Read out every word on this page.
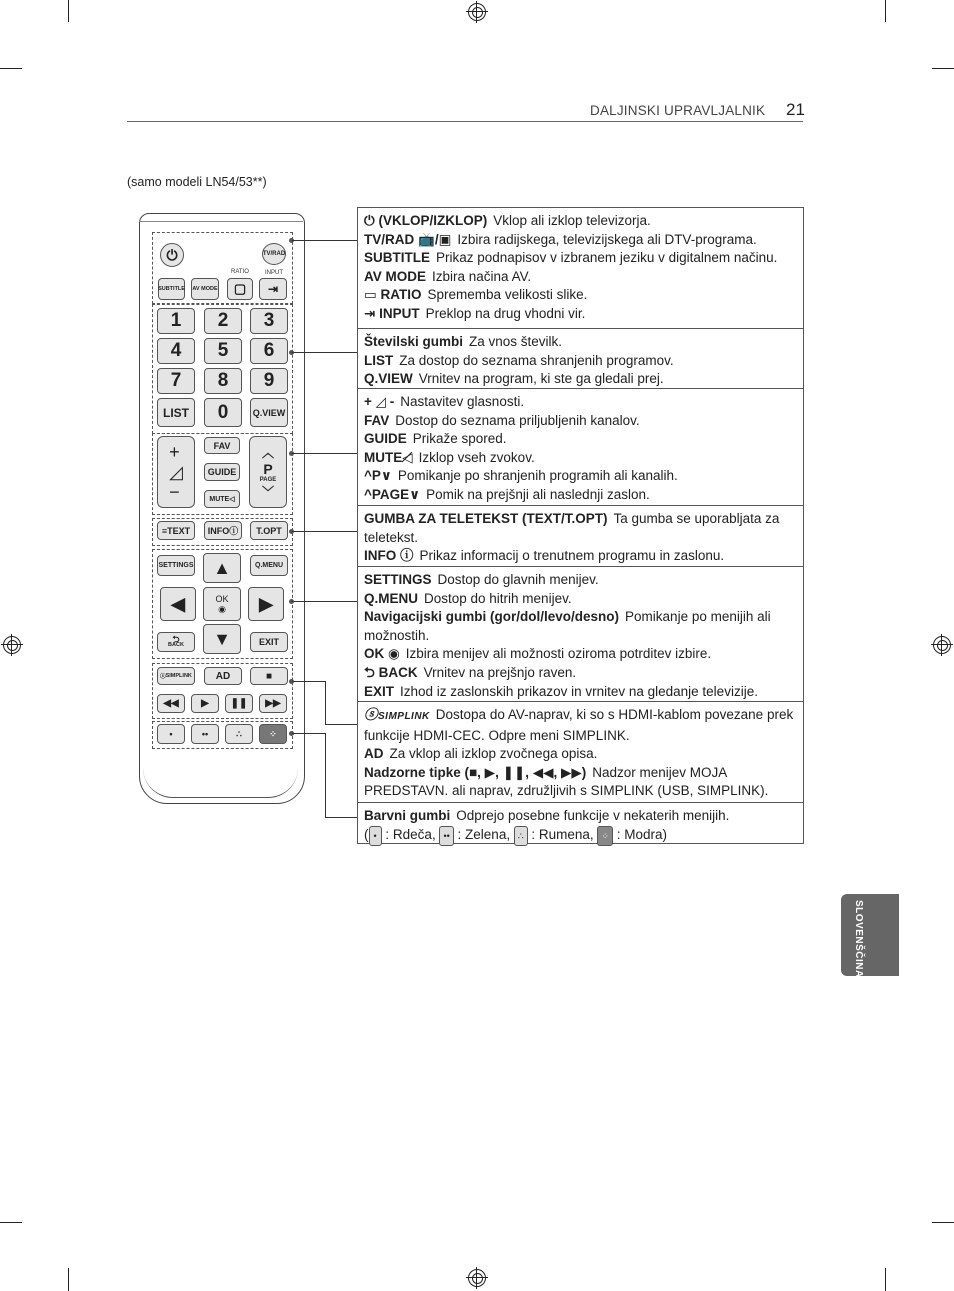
DALJINSKI UPRAVLJALNIK 21
(samo modeli LN54/53**)
⏻	TV/RAD
SUBTITLE AV MODE
RATIO
▢
INPUT
⇥
1 2 3
4 5 6
7 8 9
LIST 0	Q.VIEW
+
◿
−
FAV
GUIDE
MUTE ◁
︿
P
PAGE
﹀
≡ TEXT INFO ⓘ	T.OPT
SETTINGS	Q.MENU
▲
◀	OK
◉	▶
▼
⮌
BACK	EXIT
ⓢ SIMPLINK AD	■
◀◀	▶	❚❚	▶▶
•	••	∴	⁘

⏻ (VKLOP/IZKLOP) Vklop ali izklop televizorja.

TV/RAD 📺/▣ Izbira radijskega, televizijskega ali DTV-programa.

SUBTITLE Prikaz podnapisov v izbranem jeziku v digitalnem načinu.

AV MODE Izbira načina AV.

▭ RATIO Sprememba velikosti slike.

⇥ INPUT Preklop na drug vhodni vir.

Številski gumbi Za vnos številk.

LIST Za dostop do seznama shranjenih programov.

Q.VIEW Vrnitev na program, ki ste ga gledali prej.

+ ◿ - Nastavitev glasnosti.

FAV Dostop do seznama priljubljenih kanalov.

GUIDE Prikaže spored.

MUTE◁̸ Izklop vseh zvokov.

^P∨ Pomikanje po shranjenih programih ali kanalih.

^PAGE∨ Pomik na prejšnji ali naslednji zaslon.

GUMBA ZA TELETEKST (TEXT/T.OPT) Ta gumba se uporabljata za teletekst.

INFO ⓘ Prikaz informacij o trenutnem programu in zaslonu.

SETTINGS Dostop do glavnih menijev.

Q.MENU Dostop do hitrih menijev.

Navigacijski gumbi (gor/dol/levo/desno) Pomikanje po menijih ali možnostih.

OK ◉ Izbira menijev ali možnosti oziroma potrditev izbire.

⮌ BACK Vrnitev na prejšnjo raven.

EXIT Izhod iz zaslonskih prikazov in vrnitev na gledanje televizije.

ⓢSIMPLINK Dostopa do AV-naprav, ki so s HDMI-kablom povezane prek funkcije HDMI-CEC. Odpre meni SIMPLINK.

AD Za vklop ali izklop zvočnega opisa.

Nadzorne tipke (■, ▶, ❚❚, ◀◀, ▶▶) Nadzor menijev MOJA PREDSTAVN. ali naprav, združljivih s SIMPLINK (USB, SIMPLINK).

Barvni gumbi Odprejo posebne funkcije v nekaterih menijih.

( • : Rdeča, •• : Zelena, ∴ : Rumena, ⁘ : Modra)

SLOVENŠČINA
